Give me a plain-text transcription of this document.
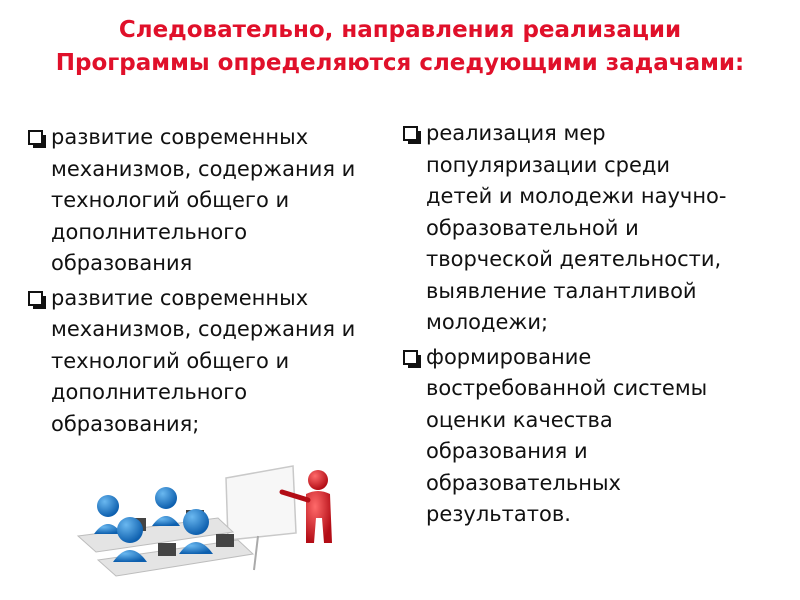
Следовательно, направления реализации
Программы определяются следующими задачами:
развитие современных
механизмов, содержания и
технологий общего и
дополнительного
образования
развитие современных
механизмов, содержания и
технологий общего и
дополнительного
образования;
реализация мер
популяризации среди
детей и молодежи научно-
образовательной и
творческой деятельности,
выявление талантливой
молодежи;
формирование
востребованной системы
оценки качества
образования и
образовательных
результатов.
